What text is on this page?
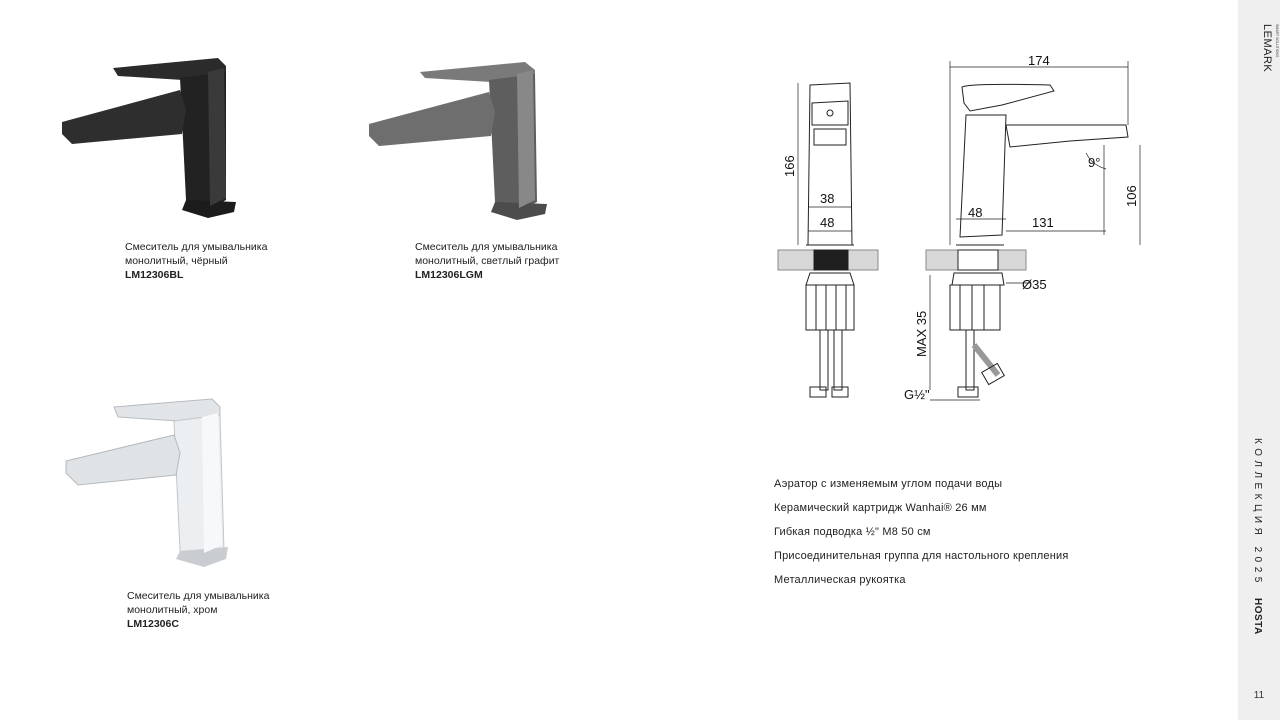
Смеситель для умывальника
монолитный, чёрный
LM12306BL
Смеситель для умывальника
монолитный, светлый графит
LM12306LGM
Смеситель для умывальника
монолитный, хром
LM12306C
174
166
38
48
48
131
106
Ø35
MAX 35
G½"
9°
Аэратор с изменяемым углом подачи воды
Керамический картридж Wanhai® 26 мм
Гибкая подводка ½" M8 50 см
Присоединительная группа для настольного крепления
Металлическая рукоятка
LEMARK SMART SOLUTIONS
КОЛЛЕКЦИЯ 2025
HOSTA
11
